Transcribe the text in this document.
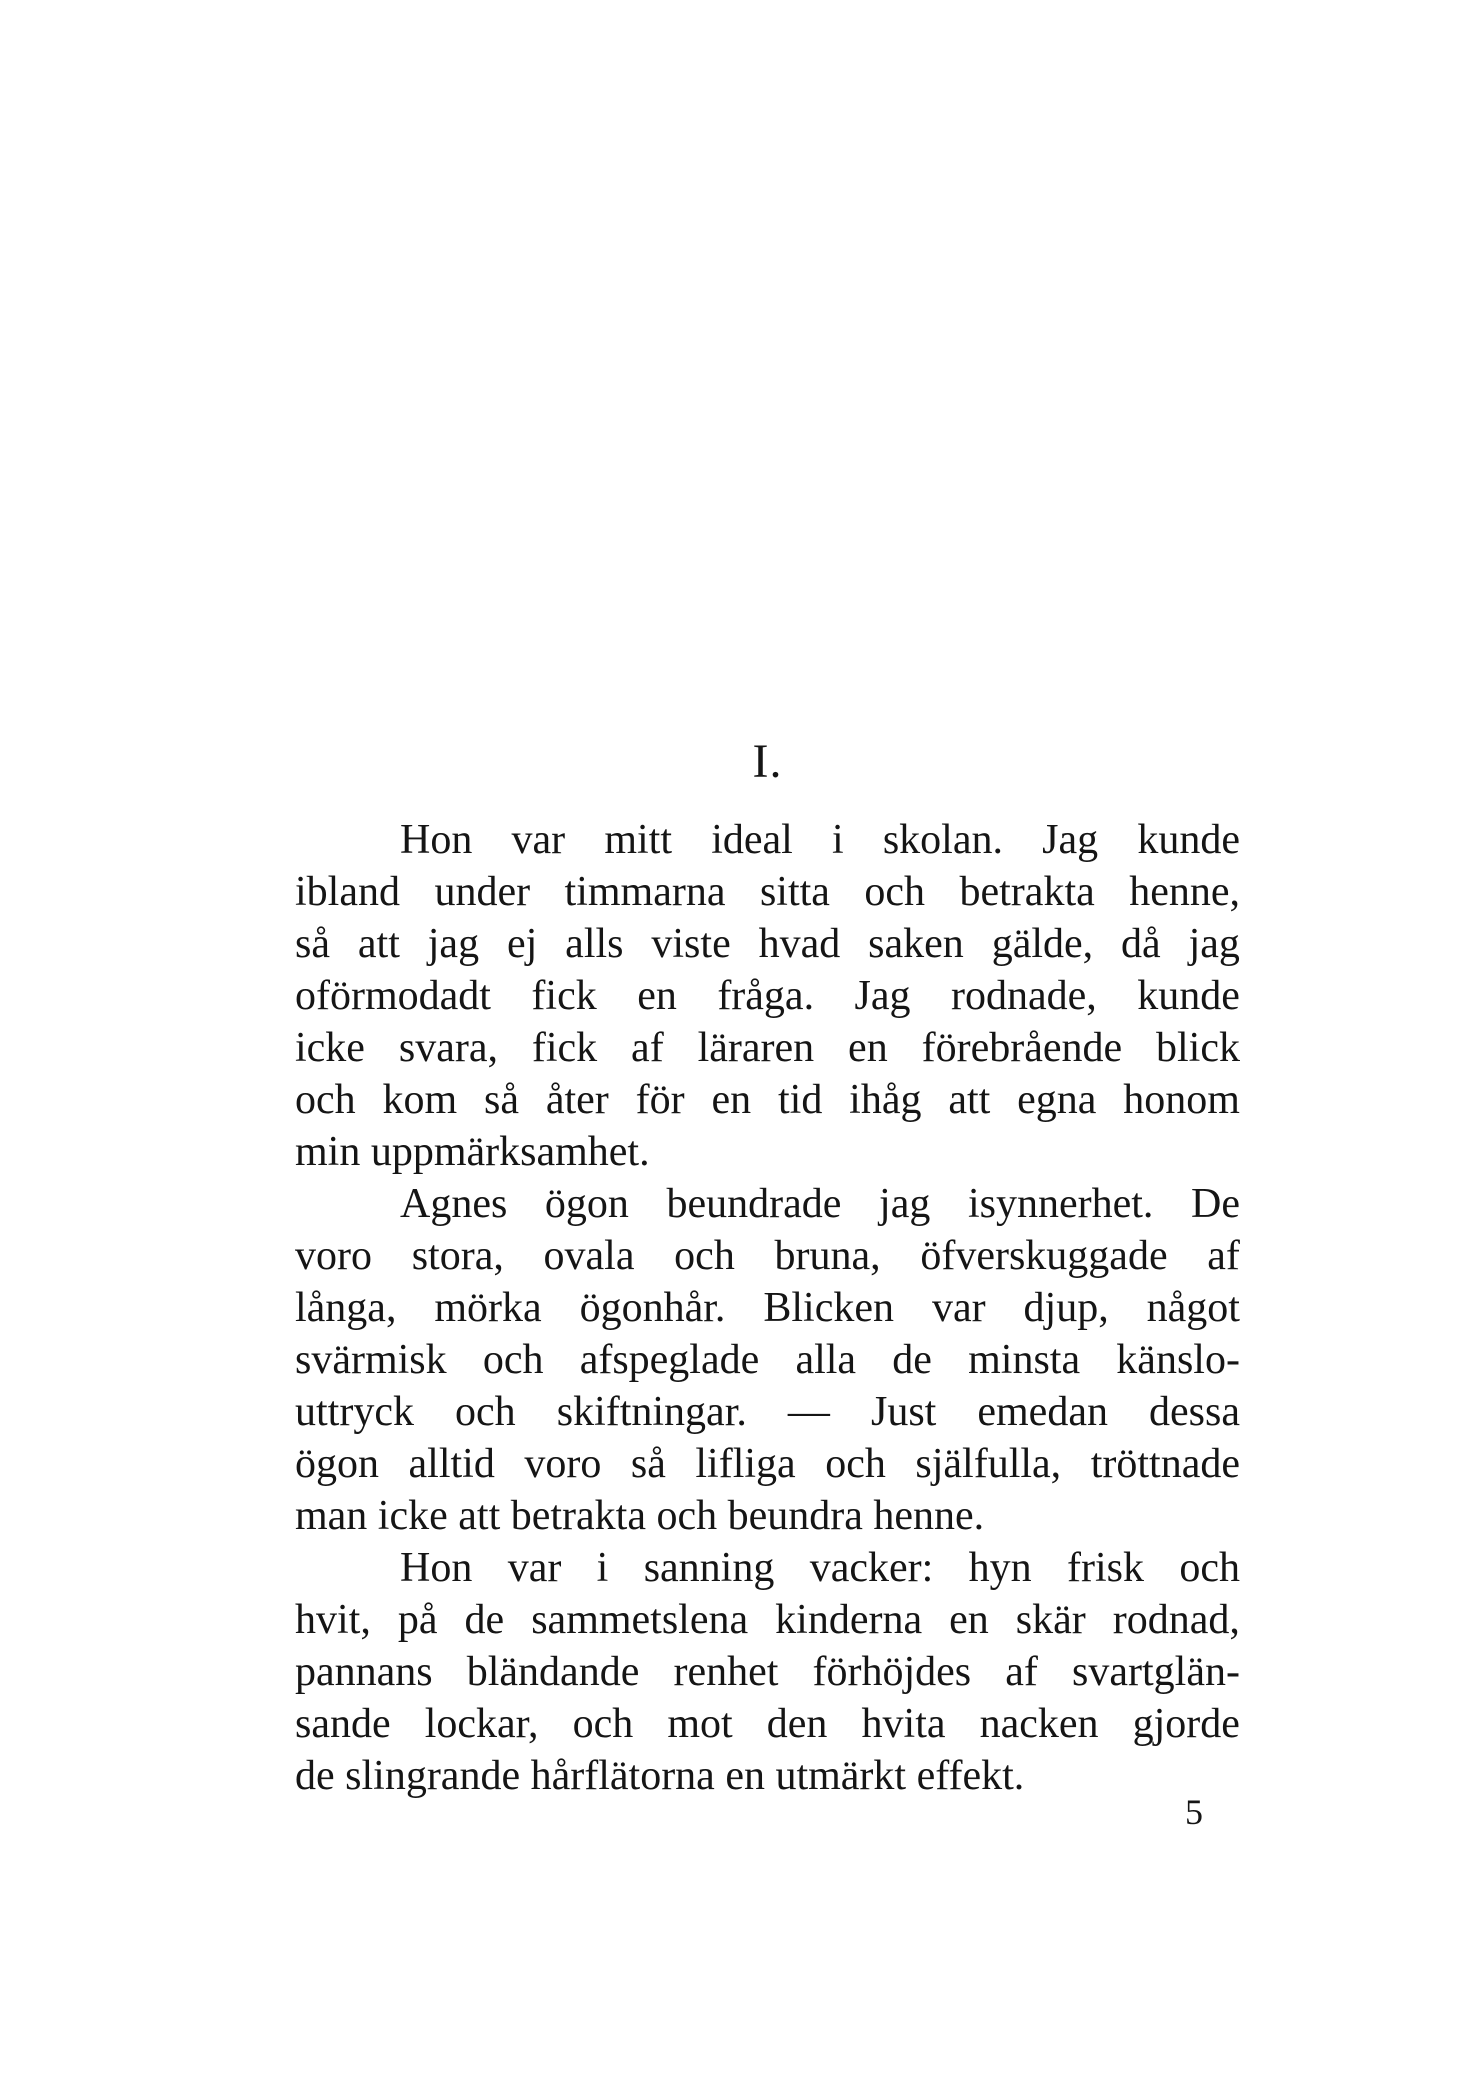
I.
Hon var mitt ideal i skolan. Jag kunde
ibland under timmarna sitta och betrakta henne,
så att jag ej alls viste hvad saken gälde, då jag
oförmodadt fick en fråga. Jag rodnade, kunde
icke svara, fick af läraren en förebrående blick
och kom så åter för en tid ihåg att egna honom
min uppmärksamhet.
Agnes ögon beundrade jag isynnerhet. De
voro stora, ovala och bruna, öfverskuggade af
långa, mörka ögonhår. Blicken var djup, något
svärmisk och afspeglade alla de minsta känslo-
uttryck och skiftningar. — Just emedan dessa
ögon alltid voro så lifliga och själfulla, tröttnade
man icke att betrakta och beundra henne.
Hon var i sanning vacker: hyn frisk och
hvit, på de sammetslena kinderna en skär rodnad,
pannans bländande renhet förhöjdes af svartglän-
sande lockar, och mot den hvita nacken gjorde
de slingrande hårflätorna en utmärkt effekt.
5
